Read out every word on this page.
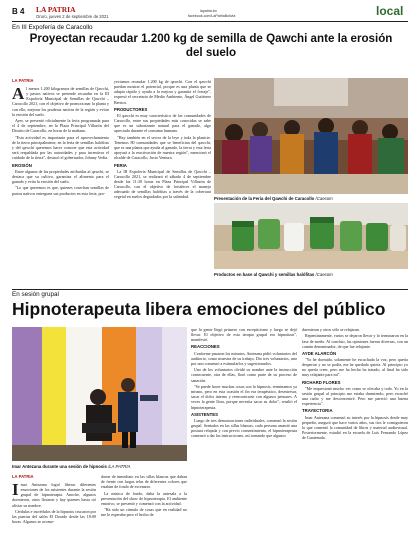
B 4 LA PATRIA
Oruro, jueves 2 de septiembre de 2021
lapatria.bo
facebook.com/LaPatriaBolivia	local
En III Expofería de Caracollo
Proyectan recaudar 1.200 kg de semilla de Qawchi ante la erosión del suelo
LA PATRIA
A l menos 1.200 kilogramos de semillas de Qawchi, y pastos nativos se pretende recaudar en la III Expofería Municipal de Semillas de Qawchi – Caracollo 2021, con el objetivo de promocionar la planta y con ello, mejorar los praderas nativas de la región y evitar la erosión del suelo.

Ayer, se presentó oficialmente la feria programada para el 4 de septiembre, en la Plaza Principal Villazón del Distrito de Caracollo, en horas de la mañana.

"Esta actividad es importante para el aprovechamiento de la tierra principalmente, en la feria de semillas halófitas y del qawchi queremos hacer conocer que esta actividad será respaldada por las autoridades y para incentivar el cuidado de la tierra", destacó el gobernador, Johnny Vedia.

EROSIÓN

Entre algunas de las propiedades atribuidas al qawchi, se destaca que su cultivo, garantiza el alimento para el ganado y evita la erosión del suelo.

"Lo que queremos es que, quienes cosechan semillas de pastos nativos entreguen sus productos en esta feria, pro-

yectamos recaudar 1.200 kg de qawchi. Con el qawchi puedan mostrar el potencial, porque es una planta que se adapta rápido y ayuda a la mejora y garantía el forraje", expresó el secretario de Medio Ambiente, Ángel Gutiérrez Berrios.

PRODUCTORES

El qawchi es muy característico de las comunidades de Caracollo, entre sus propiedades más conocidas se sabe que es un saborizante natural para el ganado, algo apreciado durante el consumo humano.

"Hay también en el sector de la leye y toda la planicie. Tenemos 80 comunidades que se benefician del qawchi, que es una planta que ayuda al ganado, la tierra y esta feria apoyará a la reactivación de nuestra región", mencionó el alcalde de Caracollo, Justo Ventura.

FERIA

La III Expoferia Municipal de Semillas de Qawchi – Caracollo 2021, se realizará el sábado 4 de septiembre desde las 11:30 horas en Plaza Principal Villazón de Caracollo, con el objetivo de fortalecer el manejo adecuado de semillas halófitas a través de la cobertura vegetal en suelos degradados por la salinidad.	Presentación de la Feria del Qawchi de Caracollo /Caecom
Productos en base al Qawchi y semillas halófitas /Caecom
En sesión grupal
Hipnoterapeuta libera emociones del público
Imar Antezana durante una sesión de hipnosis /LA PATRIA
LA PATRIA
I mar Antezana logró liberar diferentes emociones de los asistentes durante la sesión grupal de hipnoterapia. Anoche, algunos dormieron, otros lloraron y hay quienes hasta rió aliviar su nombre.

Cérdulas e incrédulos de la hipnosis crucaron por las puertas del salón El Dorado desde las 18:00 horas. Algunos se acomo-

daron de inmediato en las sillas blancas que daban de frente con largas telas de diferentes colores que estaban de fondo de escenario.

La música de fondo, daba la antesala a la presentación del show de hipnoterapia. El ambiente emotivo, se presentó y comenzó con la actividad.

"Ha sido un cúmulo de cosas que en realidad no me lo esperaba pero el hecho de

que la gente llegó primero con escepticismo y luego se dejó llevar. El objetivo de esta terapia grupal era hipnotizar", manifestó.

REACCIONES

Conforme pasaron los minutos, Antezana pidió voluntarios del auditorio, como muestra de su trabajo. Dio tres voluntarios, uno por uno comenzó a estimularlos y sugestionarlos.

Uno de los voluntarios olvidó su nombre ante la instrucción consecuente, otra de ellas, lloró como parte de su proceso de sanación.

"Se puede hacer muchas cosas con la hipnosis, terminamos ya mismo, pero en esta ocasión el fin era terapéutico, desestresar, sacar el dolor interno y reencontrarse con algunos pensares. A veces la gente llora, porque necesita sacar su dolor", resaltó el hipnoterapeuta.

ASISTENTES

Luego de tres demostraciones individuales, comenzó la sesión grupal. Sentados en las sillas blancas, cada persona asumió una postura relajada y con previo consentimiento, el hipnoterapeuta comenzó a dar las instrucciones, así tornando que algunos

durmieran y otros sólo se relajaran.

Repentinamente, varios se dejaron llevar y lo terminaron en la fase de sueño. Al concluir, las opiniones fueron diversas, con un común denominador, de que fue relajante.

AYDE ALARCÓN

"Yo he dormido, solamente he escuchado la voz, pero quería despertar y no se podía, me he quedado quieta. Al principio yo no quería creer, pero me ha hecho ha tratado, al final ha sido muy relajante para mí".

RICHARD FLORES

"Me impresionó mucho ver como se ofecaba y todo. Yo en la sesión grupal al principio me estaba durmiendo, pero escuché una radio y me desconcentré. Pero me pareció una buena experiencia".

TRAYECTORIA

Imar Antezana comenzó su interés por la hipnosis desde muy pequeño, asegurò que hace varios años, sus tíos le consiguieron lo que comentó la comunidad de libros y material audiovisual. Posteriormente, estudió en la escuela de Luis Fernando López de Guatemala.
